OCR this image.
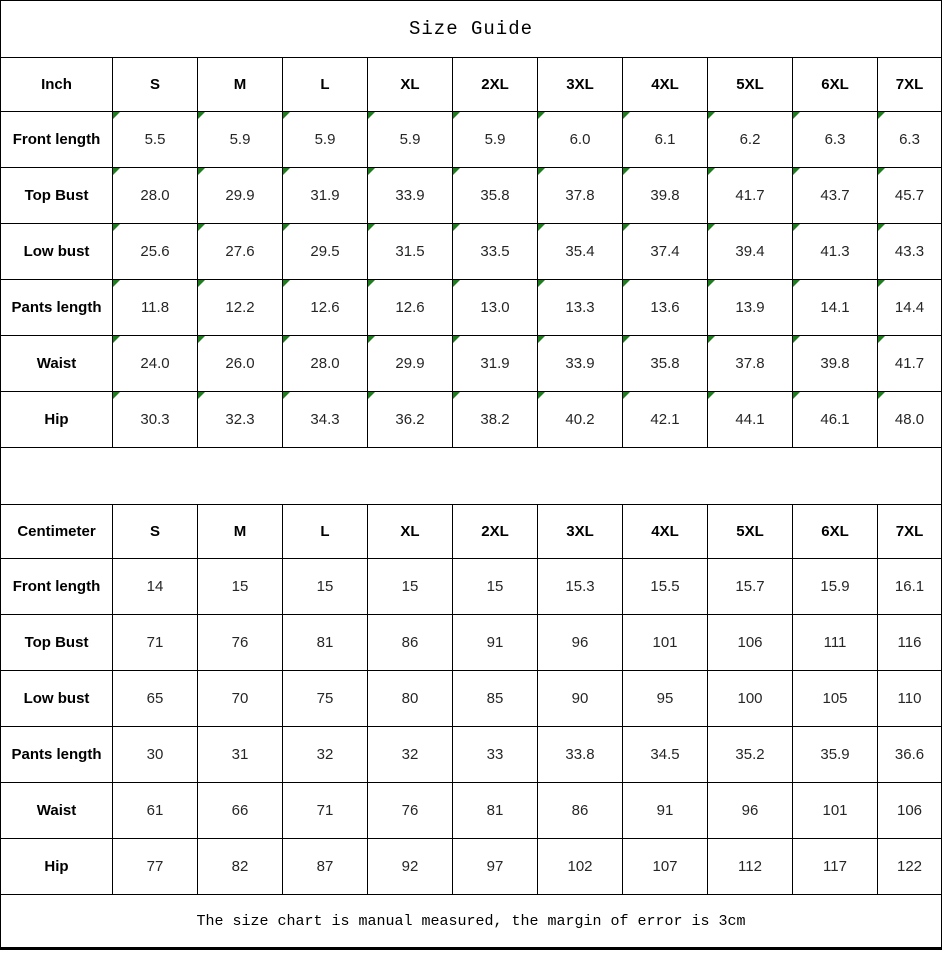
Size Guide
Inch	S	M	L	XL	2XL	3XL	4XL	5XL	6XL	7XL
Front length	5.5	5.9	5.9	5.9	5.9	6.0	6.1	6.2	6.3	6.3
Top Bust	28.0	29.9	31.9	33.9	35.8	37.8	39.8	41.7	43.7	45.7
Low bust	25.6	27.6	29.5	31.5	33.5	35.4	37.4	39.4	41.3	43.3
Pants length	11.8	12.2	12.6	12.6	13.0	13.3	13.6	13.9	14.1	14.4
Waist	24.0	26.0	28.0	29.9	31.9	33.9	35.8	37.8	39.8	41.7
Hip	30.3	32.3	34.3	36.2	38.2	40.2	42.1	44.1	46.1	48.0
Centimeter	S	M	L	XL	2XL	3XL	4XL	5XL	6XL	7XL
Front length	14	15	15	15	15	15.3	15.5	15.7	15.9	16.1
Top Bust	71	76	81	86	91	96	101	106	111	116
Low bust	65	70	75	80	85	90	95	100	105	110
Pants length	30	31	32	32	33	33.8	34.5	35.2	35.9	36.6
Waist	61	66	71	76	81	86	91	96	101	106
Hip	77	82	87	92	97	102	107	112	117	122
The size chart is manual measured, the margin of error is 3cm
